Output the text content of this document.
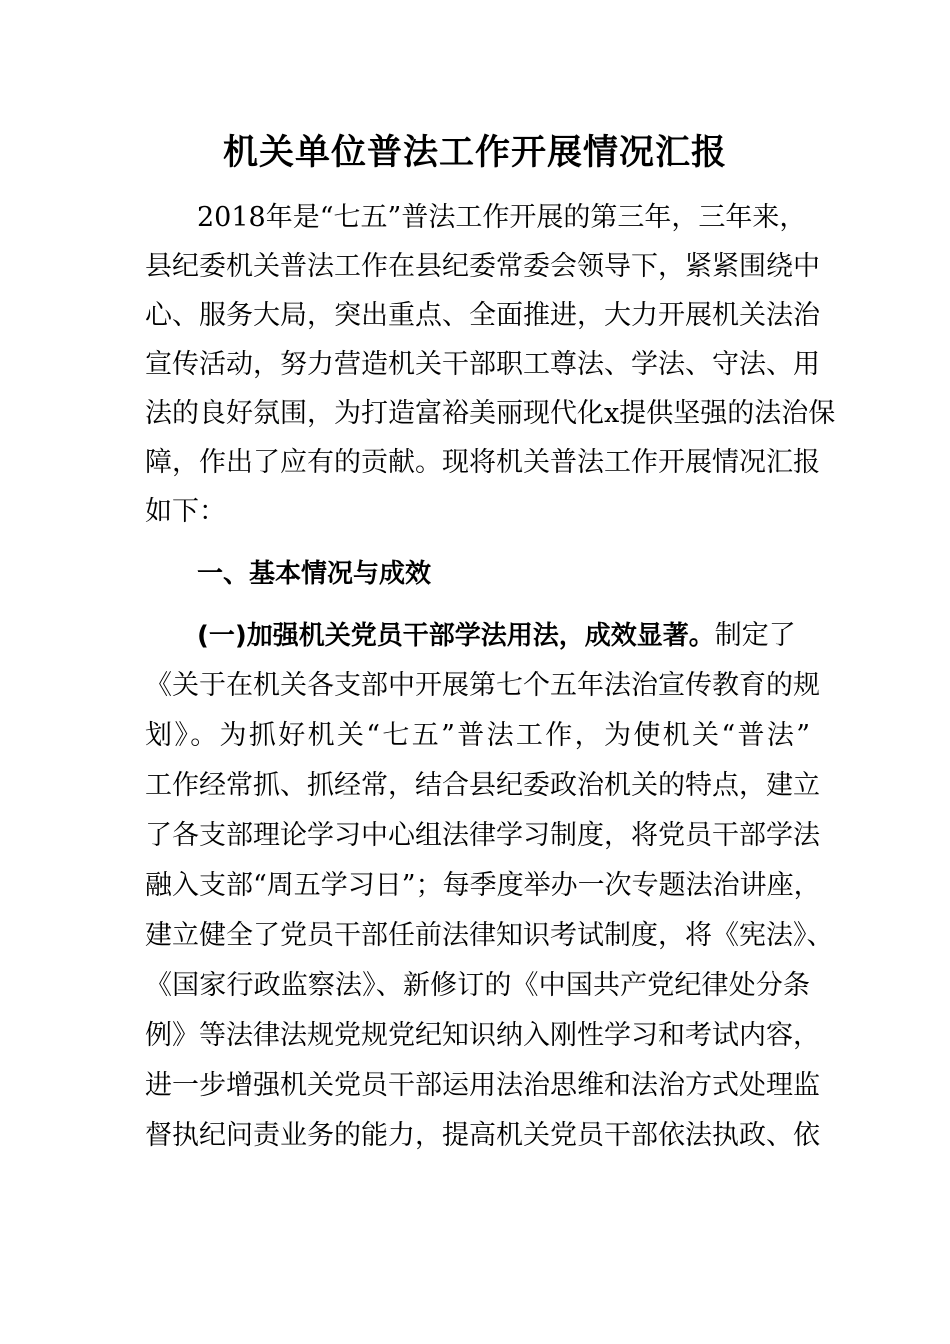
机关单位普法工作开展情况汇报
2018年是“七五”普法工作开展的第三年，三年来，
县纪委机关普法工作在县纪委常委会领导下，紧紧围绕中
心、服务大局，突出重点、全面推进，大力开展机关法治
宣传活动，努力营造机关干部职工尊法、学法、守法、用
法的良好氛围，为打造富裕美丽现代化x提供坚强的法治保
障，作出了应有的贡献。现将机关普法工作开展情况汇报
如下：
一、基本情况与成效
(一)加强机关党员干部学法用法，成效显著。 制定了
《关于在机关各支部中开展第七个五年法治宣传教育的规
划》。为抓好机关“七五”普法工作，为使机关“普法”
工作经常抓、抓经常，结合县纪委政治机关的特点，建立
了各支部理论学习中心组法律学习制度，将党员干部学法
融入支部“周五学习日”；每季度举办一次专题法治讲座，
建立健全了党员干部任前法律知识考试制度，将《宪法》、
《国家行政监察法》、新修订的《中国共产党纪律处分条
例》等法律法规党规党纪知识纳入刚性学习和考试内容，
进一步增强机关党员干部运用法治思维和法治方式处理监
督执纪问责业务的能力，提高机关党员干部依法执政、依
